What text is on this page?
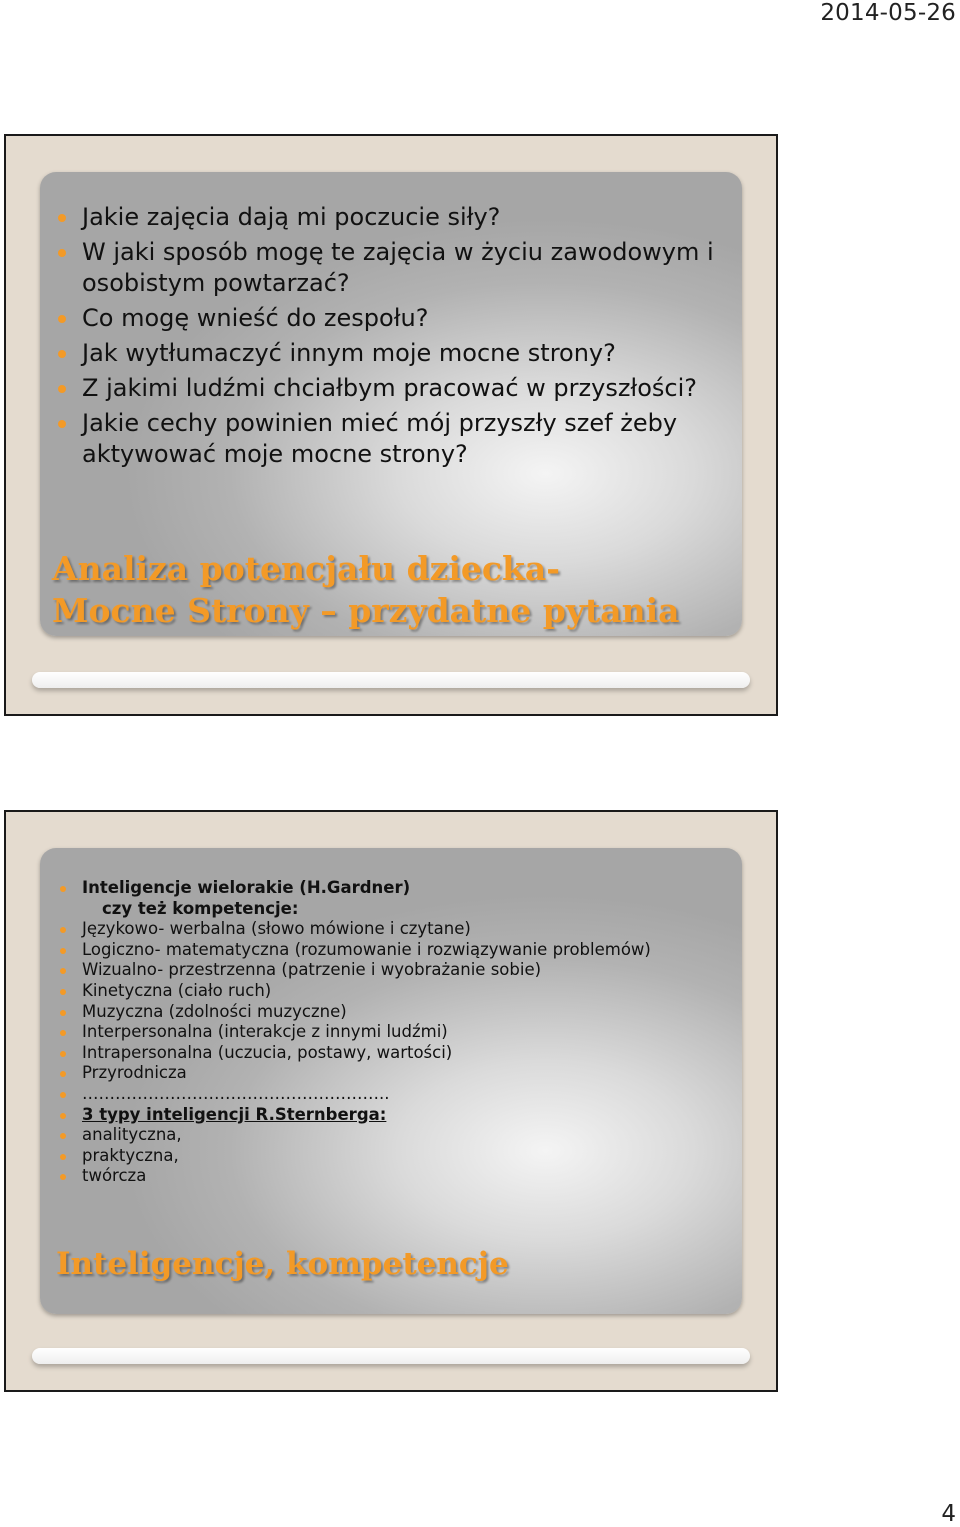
2014-05-26
Jakie zajęcia dają mi poczucie siły?
W jaki sposób mogę te zajęcia w życiu zawodowym i osobistym powtarzać?
Co mogę wnieść do zespołu?
Jak wytłumaczyć innym moje mocne strony?
Z jakimi ludźmi chciałbym pracować w przyszłości?
Jakie cechy powinien mieć mój przyszły szef żeby aktywować moje mocne strony?
Analiza potencjału dziecka-
Mocne Strony – przydatne pytania
Inteligencje wielorakie (H.Gardner)
czy też kompetencje:
Językowo- werbalna (słowo mówione i czytane)
Logiczno- matematyczna (rozumowanie i rozwiązywanie problemów)
Wizualno- przestrzenna (patrzenie i wyobrażanie sobie)
Kinetyczna (ciało ruch)
Muzyczna (zdolności muzyczne)
Interpersonalna (interakcje z innymi ludźmi)
Intrapersonalna (uczucia, postawy, wartości)
Przyrodnicza
………………………………………………..
3 typy inteligencji R.Sternberga:
analityczna,
praktyczna,
twórcza
Inteligencje, kompetencje
4
